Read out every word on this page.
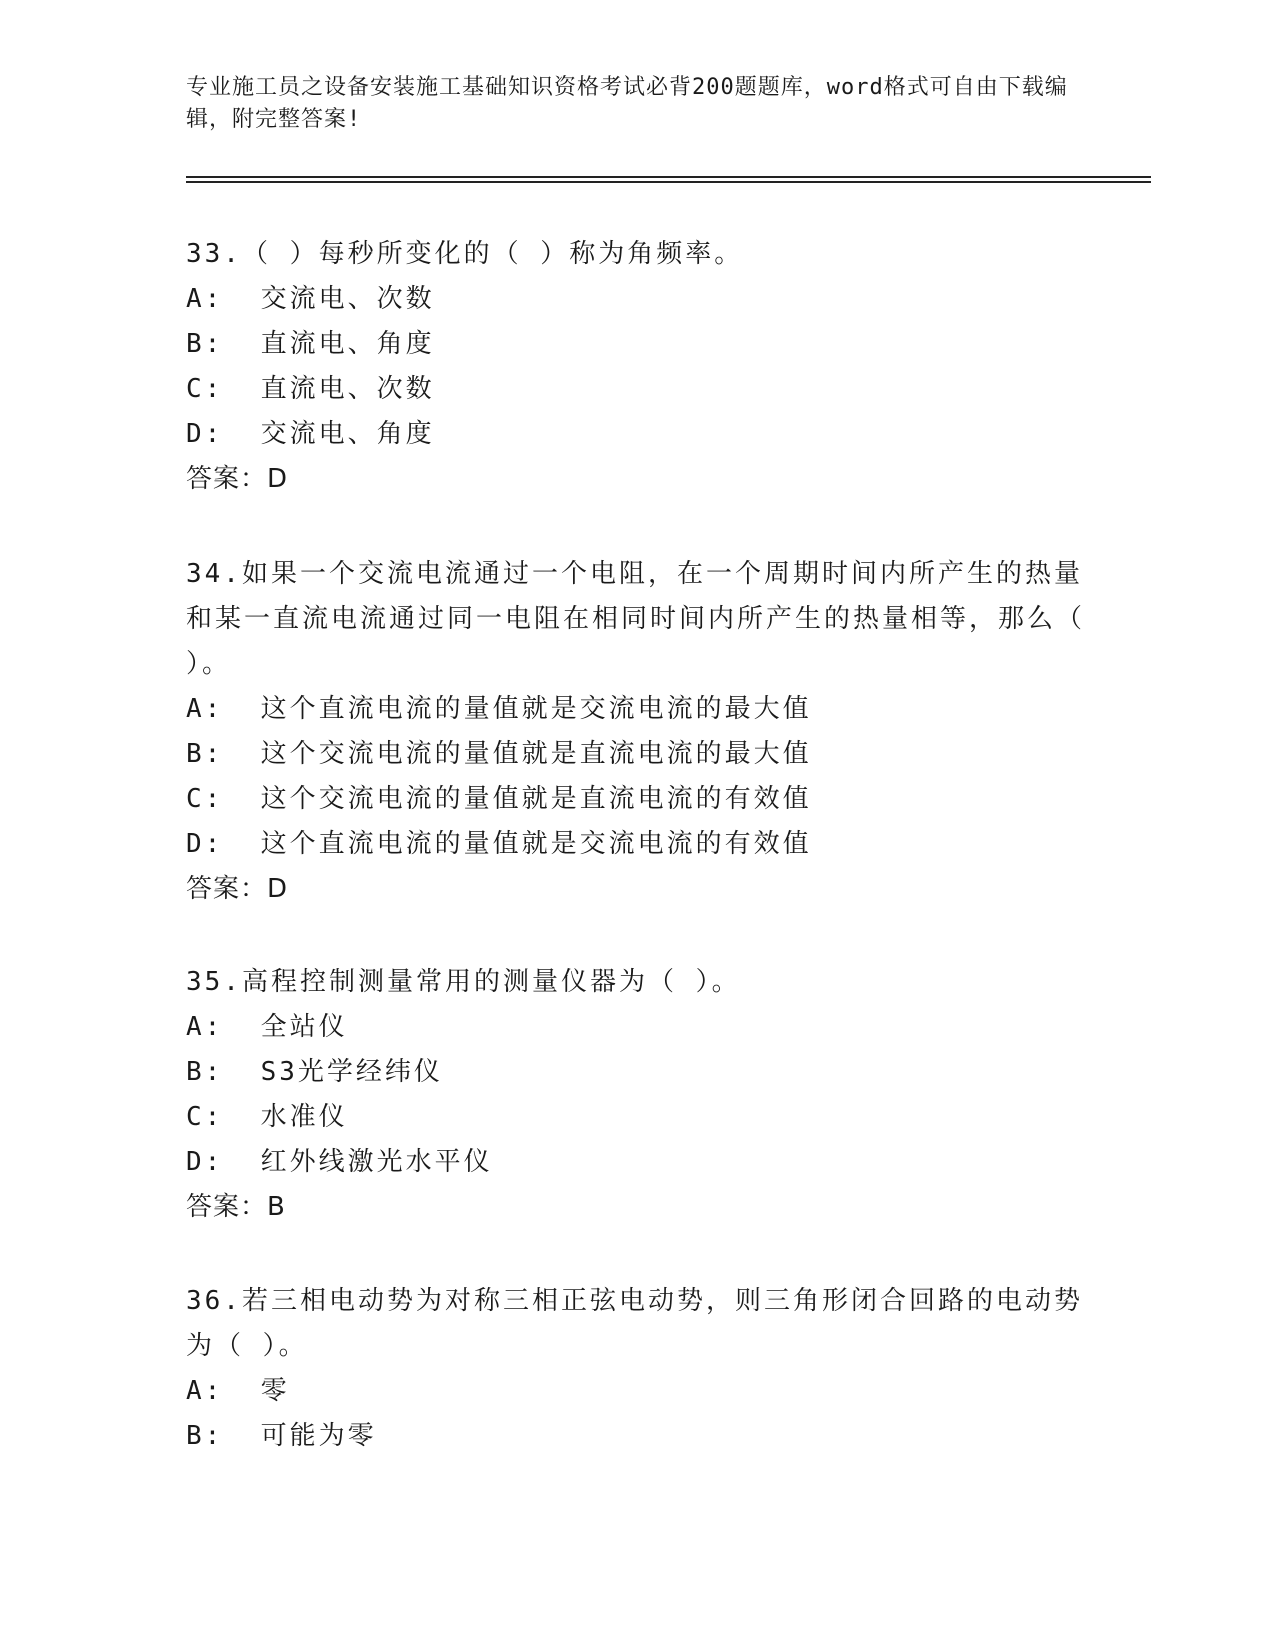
专业施工员之设备安装施工基础知识资格考试必背200题题库，word格式可自由下载编辑，附完整答案!

33.（ ）每秒所变化的（ ）称为角频率。

A:  交流电、次数

B:  直流电、角度

C:  直流电、次数

D:  交流电、角度

答案：D

34.如果一个交流电流通过一个电阻，在一个周期时间内所产生的热量和某一直流电流通过同一电阻在相同时间内所产生的热量相等，那么（ ）。

A:  这个直流电流的量值就是交流电流的最大值

B:  这个交流电流的量值就是直流电流的最大值

C:  这个交流电流的量值就是直流电流的有效值

D:  这个直流电流的量值就是交流电流的有效值

答案：D

35.高程控制测量常用的测量仪器为（ ）。

A:  全站仪

B:  S3光学经纬仪

C:  水准仪

D:  红外线激光水平仪

答案：B

36.若三相电动势为对称三相正弦电动势，则三角形闭合回路的电动势为（ ）。

A:  零

B:  可能为零
